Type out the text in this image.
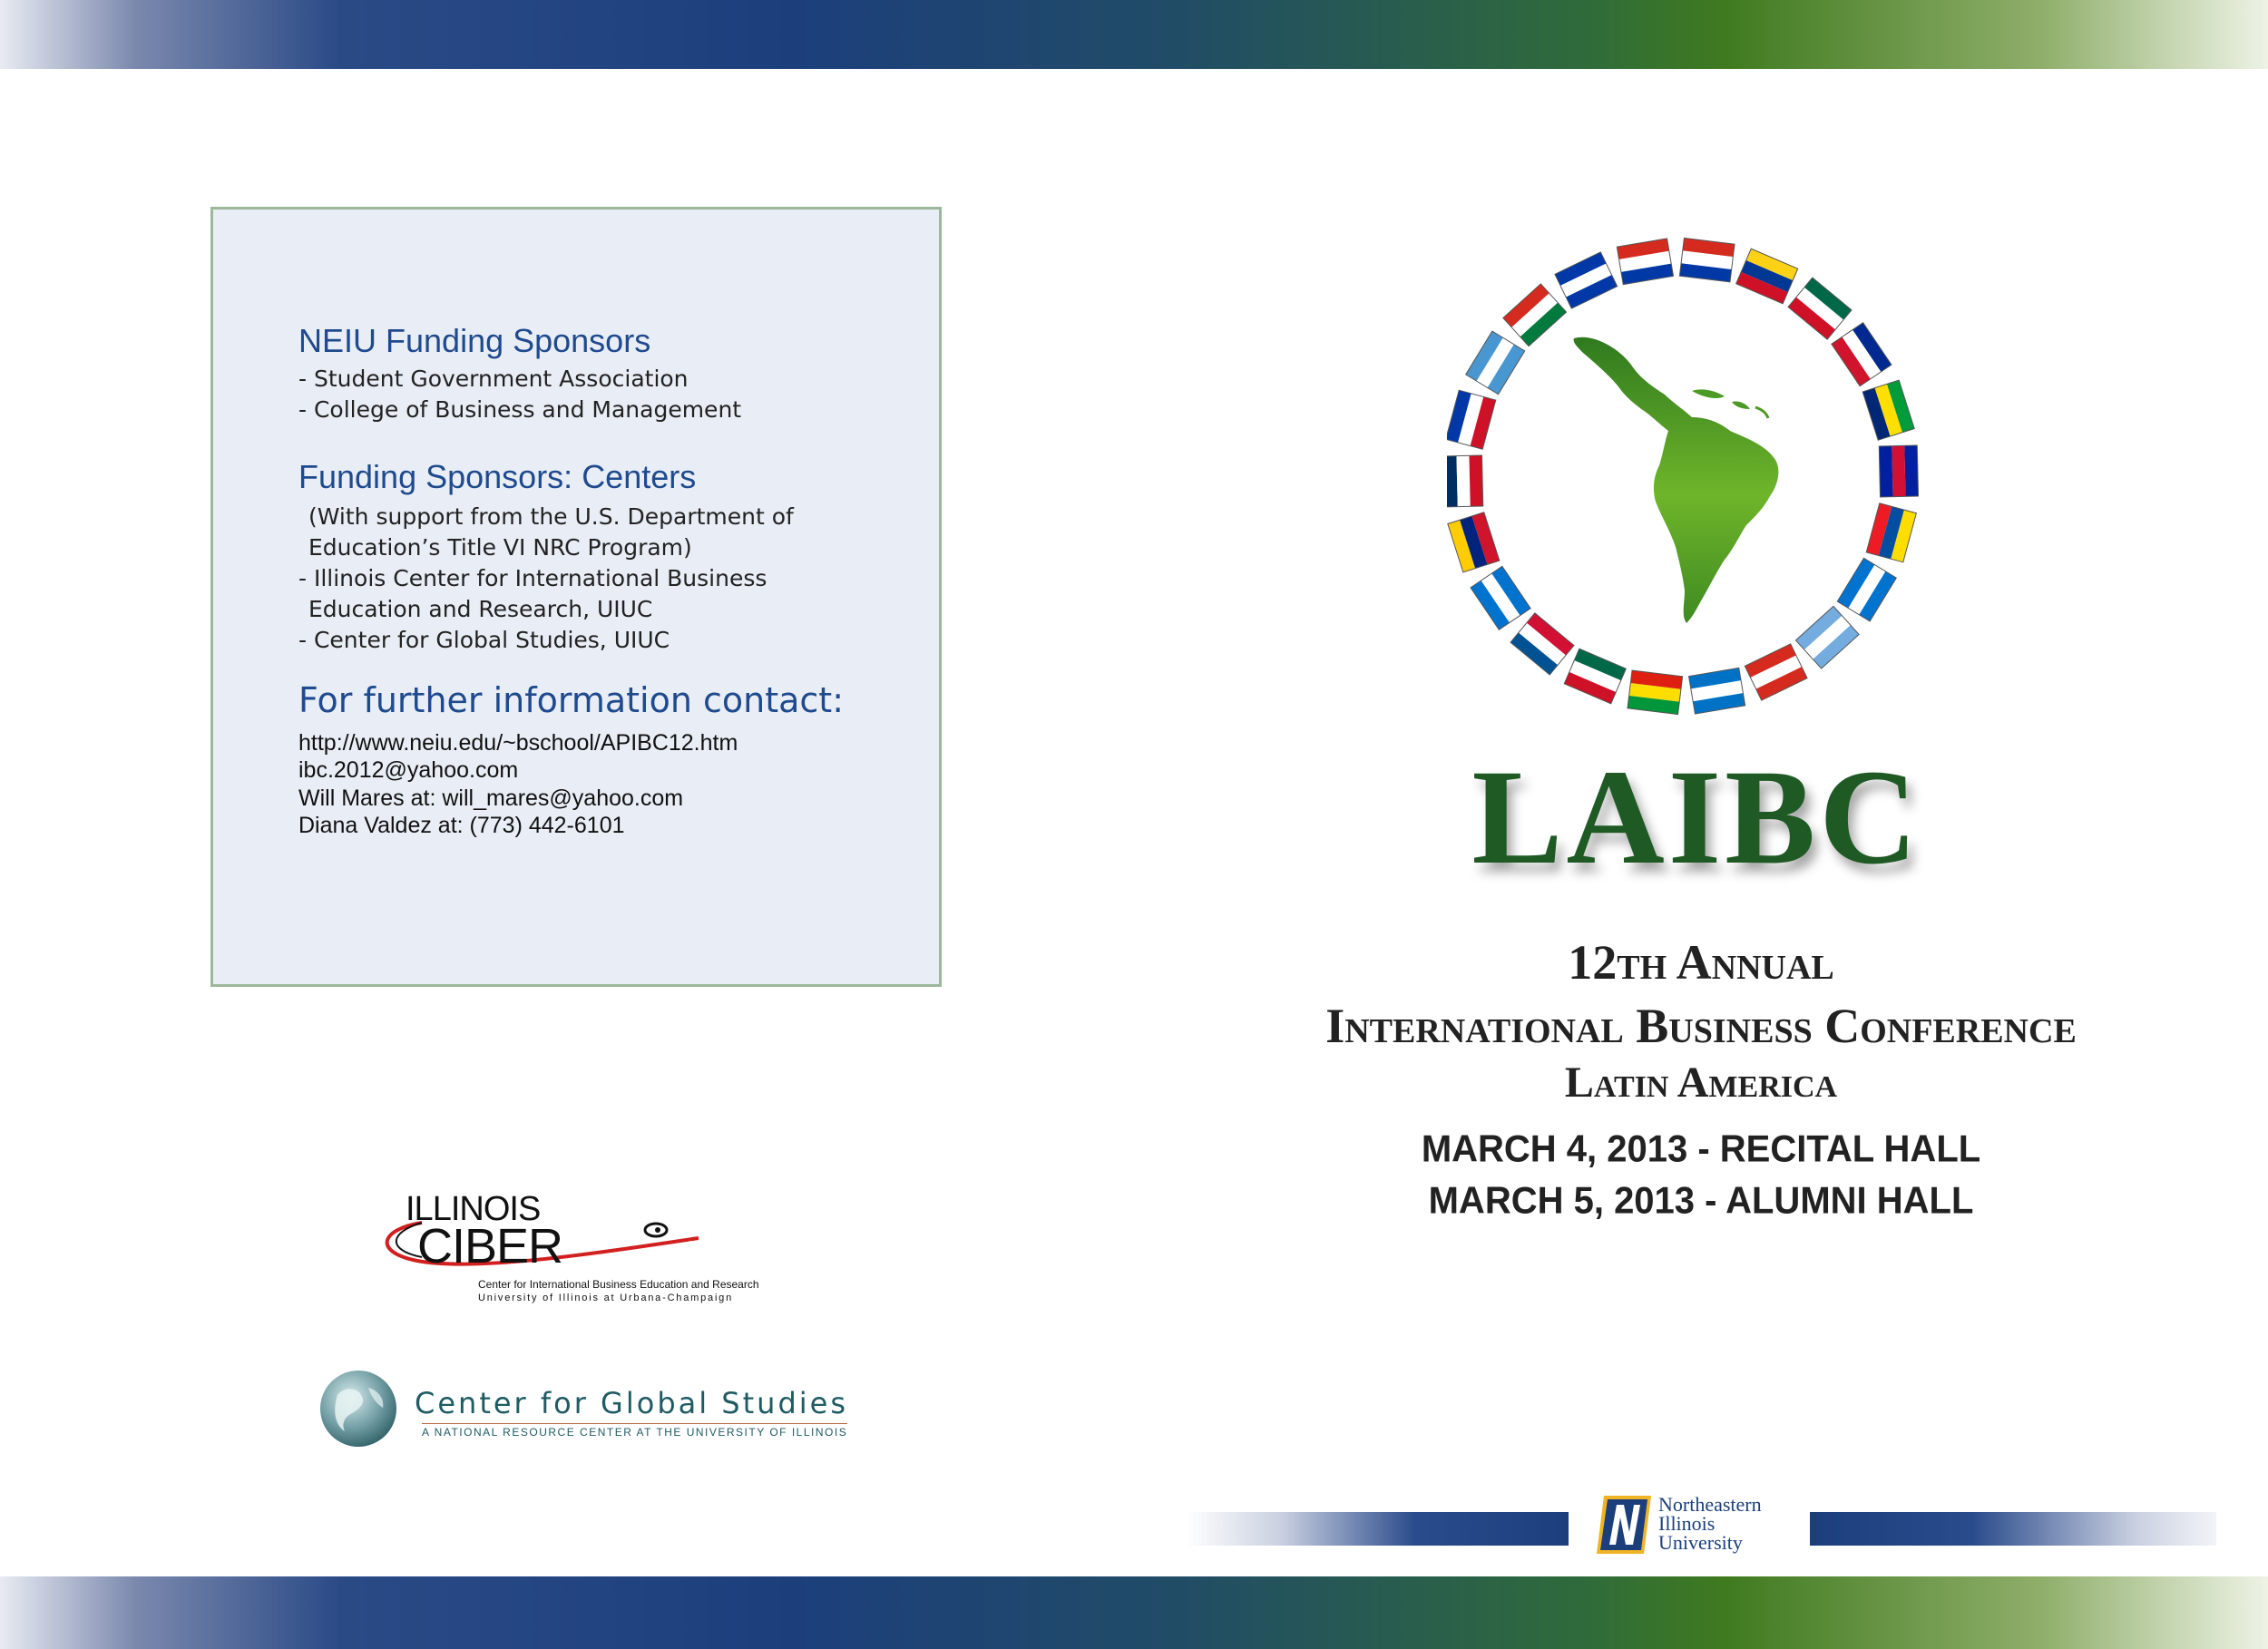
NEIU Funding Sponsors
- Student Government Association
- College of Business and Management
Funding Sponsors: Centers
(With support from the U.S. Department of
Education’s Title VI NRC Program)
- Illinois Center for International Business
Education and Research, UIUC
- Center for Global Studies, UIUC
For further information contact:
http://www.neiu.edu/~bschool/APIBC12.htm
ibc.2012@yahoo.com
Will Mares at: will_mares@yahoo.com
Diana Valdez at: (773) 442-6101
ILLINOIS
CIBER
Center for International Business Education and Research
University of Illinois at Urbana-Champaign
Center for Global Studies
A NATIONAL RESOURCE CENTER AT THE UNIVERSITY OF ILLINOIS
LAIBC
12th Annual
International Business Conference
Latin America
MARCH 4, 2013 - RECITAL HALL
MARCH 5, 2013 - ALUMNI HALL
Northeastern
Illinois
University
